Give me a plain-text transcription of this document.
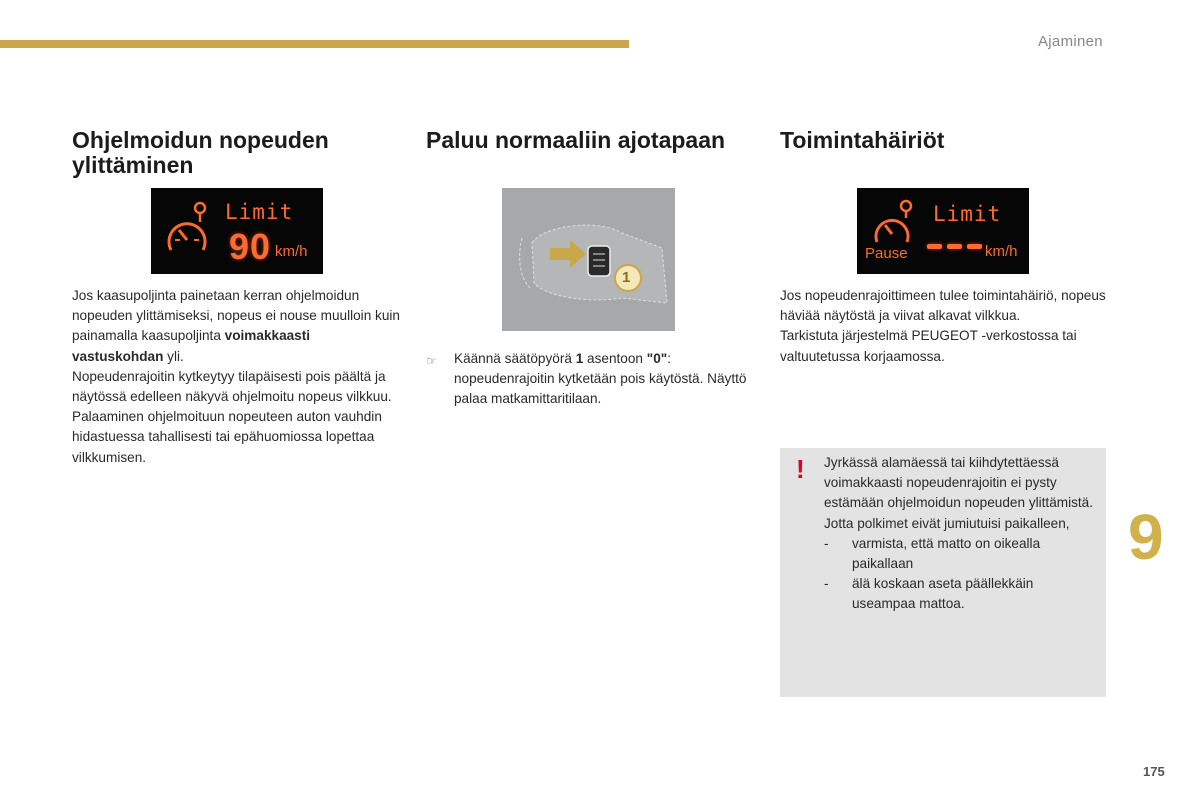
Ajaminen
Ohjelmoidun nopeuden ylittäminen
Limit
90 km/h

Jos kaasupoljinta painetaan kerran ohjelmoidun nopeuden ylittämiseksi, nopeus ei nouse muulloin kuin painamalla kaasupoljinta voimakkaasti vastuskohdan yli.

Nopeudenrajoitin kytkeytyy tilapäisesti pois päältä ja näytössä edelleen näkyvä ohjelmoitu nopeus vilkkuu.

Palaaminen ohjelmoituun nopeuteen auton vauhdin hidastuessa tahallisesti tai epähuomiossa lopettaa vilkkumisen.

Paluu normaaliin ajotapaan
1
☞	Käännä säätöpyörä 1 asentoon "0": nopeudenrajoitin kytketään pois käytöstä. Näyttö palaa matkamittaritilaan.

Toimintahäiriöt
Pause
Limit
km/h

Jos nopeudenrajoittimeen tulee toimintahäiriö, nopeus häviää näytöstä ja viivat alkavat vilkkua.

Tarkistuta järjestelmä PEUGEOT -verkostossa tai valtuutetussa korjaamossa.

! Jyrkässä alamäessä tai kiihdytettäessä voimakkaasti nopeudenrajoitin ei pysty estämään ohjelmoidun nopeuden ylittämistä.

Jotta polkimet eivät jumiutuisi paikalleen,

-	varmista, että matto on oikealla paikallaan
-	älä koskaan aseta päällekkäin useampaa mattoa.
9
175
